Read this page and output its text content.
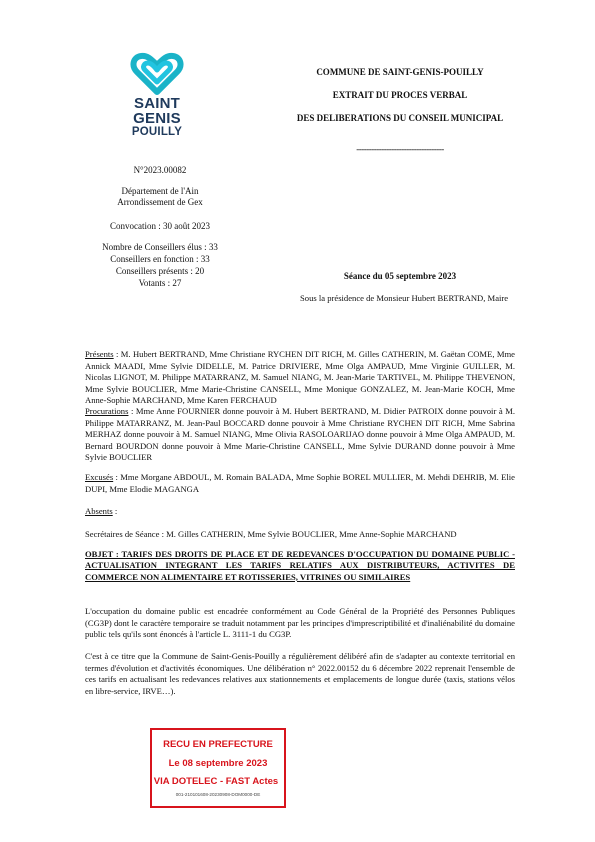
SAINT
GENIS
POUILLY
N°2023.00082
Département de l'Ain
Arrondissement de Gex
Convocation : 30 août 2023
Nombre de Conseillers élus : 33
Conseillers en fonction : 33
Conseillers présents : 20
Votants : 27
COMMUNE DE SAINT-GENIS-POUILLY
EXTRAIT DU PROCES VERBAL
DES DELIBERATIONS DU CONSEIL MUNICIPAL
-----------------------------------
Séance du 05 septembre 2023
Sous la présidence de Monsieur Hubert BERTRAND, Maire

Présents : M. Hubert BERTRAND, Mme Christiane RYCHEN DIT RICH, M. Gilles CATHERIN, M. Gaëtan COME, Mme Annick MAADI, Mme Sylvie DIDELLE, M. Patrice DRIVIERE, Mme Olga AMPAUD, Mme Virginie GUILLER, M. Nicolas LIGNOT, M. Philippe MATARRANZ, M. Samuel NIANG, M. Jean-Marie TARTIVEL, M. Philippe THEVENON, Mme Sylvie BOUCLIER, Mme Marie-Christine CANSELL, Mme Monique GONZALEZ, M. Jean-Marie KOCH, Mme Anne-Sophie MARCHAND, Mme Karen FERCHAUD

Procurations : Mme Anne FOURNIER donne pouvoir à M. Hubert BERTRAND, M. Didier PATROIX donne pouvoir à M. Philippe MATARRANZ, M. Jean-Paul BOCCARD donne pouvoir à Mme Christiane RYCHEN DIT RICH, Mme Sabrina MERHAZ donne pouvoir à M. Samuel NIANG, Mme Olivia RASOLOARIJAO donne pouvoir à Mme Olga AMPAUD, M. Bernard BOURDON donne pouvoir à Mme Marie-Christine CANSELL, Mme Sylvie DURAND donne pouvoir à Mme Sylvie BOUCLIER

Excusés : Mme Morgane ABDOUL, M. Romain BALADA, Mme Sophie BOREL MULLIER, M. Mehdi DEHRIB, M. Elie DUPI, Mme Elodie MAGANGA

Absents :

Secrétaires de Séance : M. Gilles CATHERIN, Mme Sylvie BOUCLIER, Mme Anne-Sophie MARCHAND

OBJET : TARIFS DES DROITS DE PLACE ET DE REDEVANCES D'OCCUPATION DU DOMAINE PUBLIC - ACTUALISATION INTEGRANT LES TARIFS RELATIFS AUX DISTRIBUTEURS, ACTIVITES DE COMMERCE NON ALIMENTAIRE ET ROTISSERIES, VITRINES OU SIMILAIRES

L'occupation du domaine public est encadrée conformément au Code Général de la Propriété des Personnes Publiques (CG3P) dont le caractère temporaire se traduit notamment par les principes d'imprescriptibilité et d'inaliénabilité du domaine public tels qu'ils sont énoncés à l'article L. 3111-1 du CG3P.

C'est à ce titre que la Commune de Saint-Genis-Pouilly a régulièrement délibéré afin de s'adapter au contexte territorial en termes d'évolution et d'activités économiques. Une délibération n° 2022.00152 du 6 décembre 2022 reprenait l'ensemble de ces tarifs en actualisant les redevances relatives aux stationnements et emplacements de longue durée (taxis, stations vélos en libre-service, IRVE…).

RECU EN PREFECTURE
Le 08 septembre 2023
VIA DOTELEC - FAST Actes
001-210101608-20230908-DOM0000-DE
